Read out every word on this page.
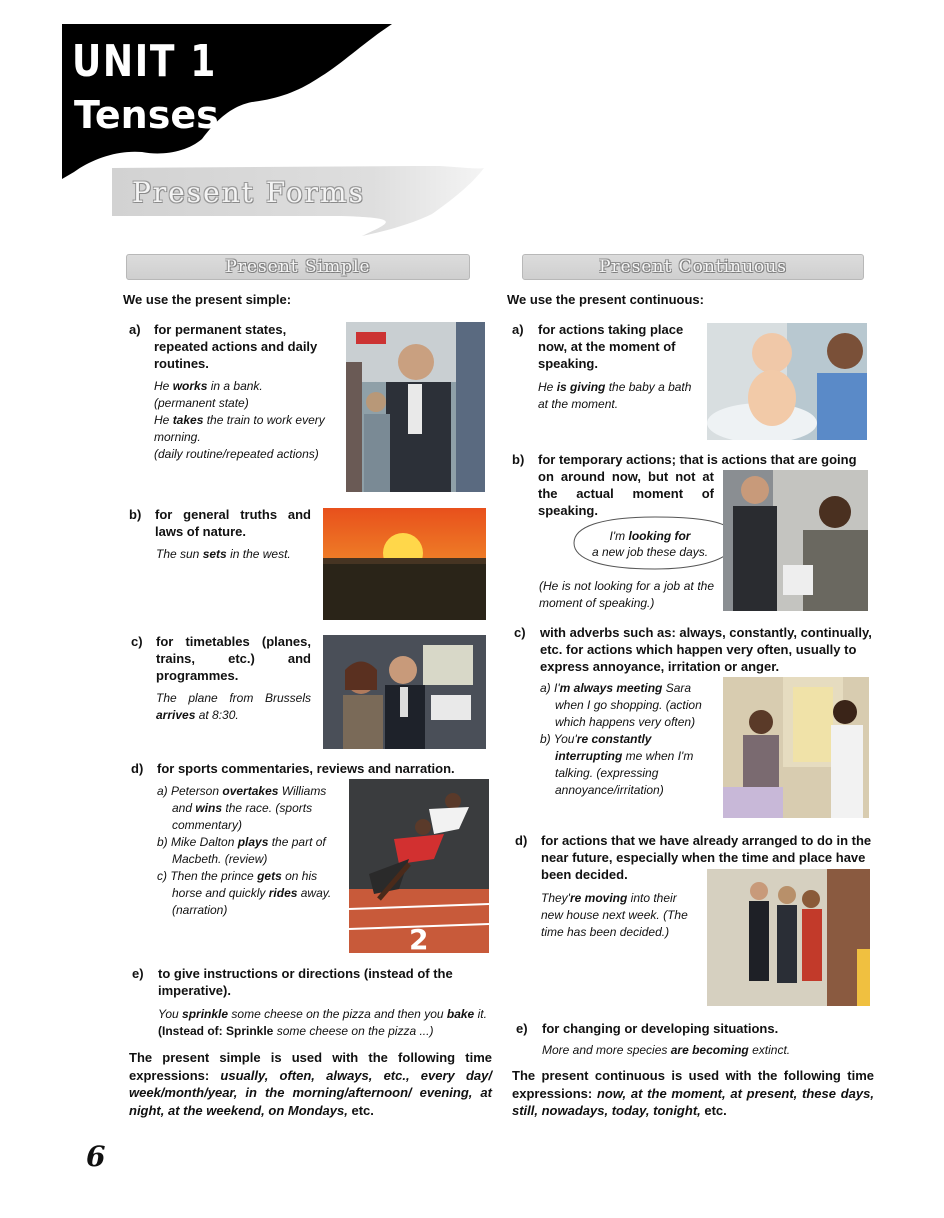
UNIT 1
Tenses
Present Forms
Present Simple
We use the present simple:
a) for permanent states, repeated actions and daily routines.
He works in a bank.
(permanent state)
He takes the train to work every morning.
(daily routine/repeated actions)
b) for general truths and laws of nature.
The sun sets in the west.
c) for timetables (planes, trains, etc.) and programmes.
The plane from Brussels arrives at 8:30.
d) for sports commentaries, reviews and narration.
a) Peterson overtakes Williams and wins the race. (sports commentary)
b) Mike Dalton plays the part of Macbeth. (review)
c) Then the prince gets on his horse and quickly rides away. (narration)
2
e) to give instructions or directions (instead of the imperative).
You sprinkle some cheese on the pizza and then you bake it. (Instead of: Sprinkle some cheese on the pizza ...)
The present simple is used with the following time expressions: usually, often, always, etc., every day/ week/month/year, in the morning/afternoon/ evening, at night, at the weekend, on Mondays, etc.
Present Continuous
We use the present continuous:
a) for actions taking place now, at the moment of speaking.
He is giving the baby a bath at the moment.
b) for temporary actions; that is actions that are going
on around now, but not at the actual moment of speaking.
I'm looking for
a new job these days.
(He is not looking for a job at the moment of speaking.)
c) with adverbs such as: always, constantly, continually, etc. for actions which happen very often, usually to express annoyance, irritation or anger.
a) I'm always meeting Sara when I go shopping. (action which happens very often)
b) You're constantly interrupting me when I'm talking. (expressing annoyance/irritation)
d) for actions that we have already arranged to do in the near future, especially when the time and place have been decided.
They're moving into their new house next week. (The time has been decided.)
e) for changing or developing situations.
More and more species are becoming extinct.
The present continuous is used with the following time expressions: now, at the moment, at present, these days, still, nowadays, today, tonight, etc.
6
